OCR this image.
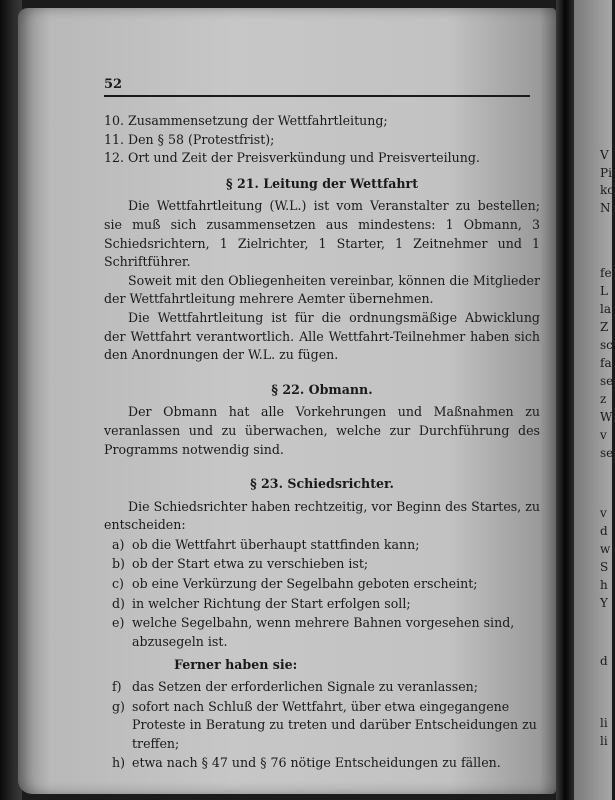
V
Pi
ko
N
fe
L
la
Z
sc
fa
se
z
W
v
se
v
d
w
S
h
Y
d
li
li
52
10. Zusammensetzung der Wettfahrtleitung;
11. Den § 58 (Protestfrist);
12. Ort und Zeit der Preisverkündung und Preisverteilung.
§ 21. Leitung der Wettfahrt

Die Wettfahrtleitung (W.L.) ist vom Veranstalter zu bestellen; sie muß sich zusammensetzen aus mindestens: 1 Obmann, 3 Schiedsrichtern, 1 Zielrichter, 1 Starter, 1 Zeitnehmer und 1 Schriftführer.

Soweit mit den Obliegenheiten vereinbar, können die Mitglieder der Wettfahrtleitung mehrere Aemter übernehmen.

Die Wettfahrtleitung ist für die ordnungsmäßige Abwicklung der Wettfahrt verantwortlich. Alle Wettfahrt-Teilnehmer haben sich den Anordnungen der W.L. zu fügen.

§ 22. Obmann.

Der Obmann hat alle Vorkehrungen und Maßnahmen zu veranlassen und zu überwachen, welche zur Durchführung des Programms notwendig sind.

§ 23. Schiedsrichter.

Die Schiedsrichter haben rechtzeitig, vor Beginn des Startes, zu entscheiden:

a) ob die Wettfahrt überhaupt stattfinden kann;
b) ob der Start etwa zu verschieben ist;
c) ob eine Verkürzung der Segelbahn geboten erscheint;
d) in welcher Richtung der Start erfolgen soll;
e) welche Segelbahn, wenn mehrere Bahnen vorgesehen sind, abzusegeln ist.
Ferner haben sie:
f) das Setzen der erforderlichen Signale zu veranlassen;
g) sofort nach Schluß der Wettfahrt, über etwa eingegangene Proteste in Beratung zu treten und darüber Entscheidungen zu treffen;
h) etwa nach § 47 und § 76 nötige Entscheidungen zu fällen.
